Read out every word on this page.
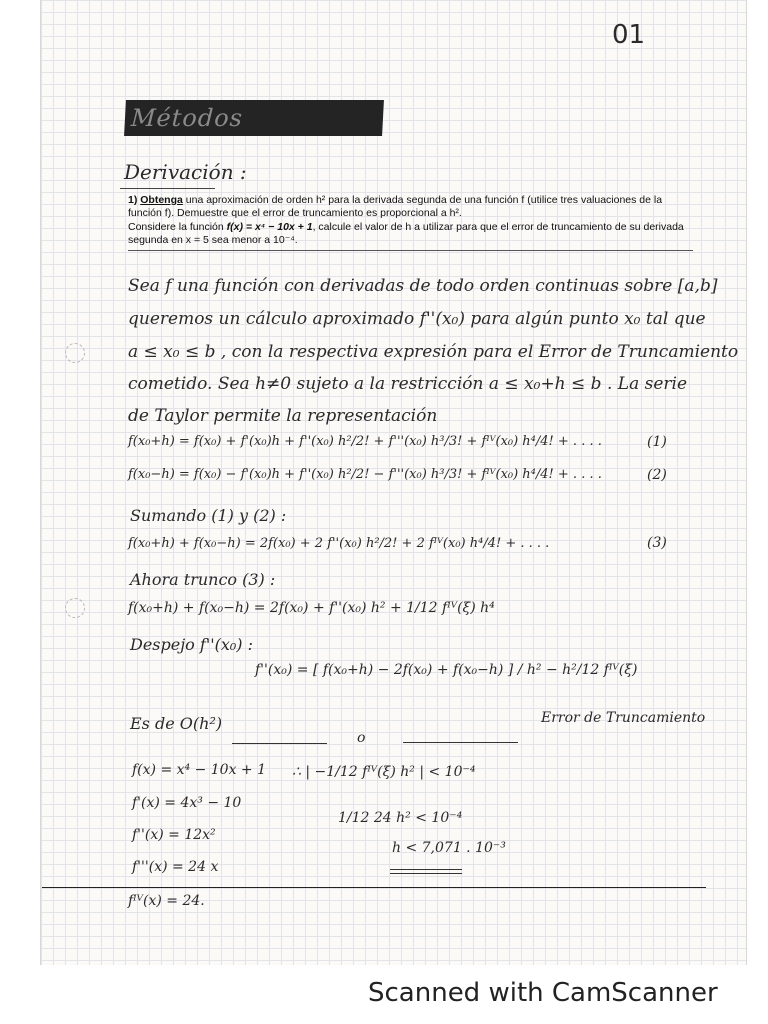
01
Métodos
Derivación :

1) Obtenga una aproximación de orden h² para la derivada segunda de una función f (utilice tres valuaciones de la función f). Demuestre que el error de truncamiento es proporcional a h².

Considere la función f(x) = x⁴ − 10x + 1, calcule el valor de h a utilizar para que el error de truncamiento de su derivada segunda en x = 5 sea menor a 10⁻⁴.

Sea f una función con derivadas de todo orden continuas sobre [a,b]
queremos un cálculo aproximado f''(x₀) para algún punto x₀ tal que
a ≤ x₀ ≤ b , con la respectiva expresión para el Error de Truncamiento
cometido. Sea h≠0 sujeto a la restricción a ≤ x₀+h ≤ b . La serie
de Taylor permite la representación
f(x₀+h) = f(x₀) + f'(x₀)h + f''(x₀) h²/2! + f'''(x₀) h³/3! + fᴵⱽ(x₀) h⁴/4! + . . . .	(1)
f(x₀−h) = f(x₀) − f'(x₀)h + f''(x₀) h²/2! − f'''(x₀) h³/3! + fᴵⱽ(x₀) h⁴/4! + . . . .	(2)
Sumando (1) y (2) :
f(x₀+h) + f(x₀−h) = 2f(x₀) + 2 f''(x₀) h²/2! + 2 fᴵⱽ(x₀) h⁴/4! + . . . .	(3)
Ahora trunco (3) :
f(x₀+h) + f(x₀−h) = 2f(x₀) + f''(x₀) h² + 1/12 fᴵⱽ(ξ) h⁴
Despejo f''(x₀) :
f''(x₀) = [ f(x₀+h) − 2f(x₀) + f(x₀−h) ] / h² − h²/12 fᴵⱽ(ξ)
Error de Truncamiento
Es de O(h²)
o
f(x) = x⁴ − 10x + 1
f'(x) = 4x³ − 10
f''(x) = 12x²
f'''(x) = 24 x
fᴵⱽ(x) = 24.
∴ | −1/12 fᴵⱽ(ξ) h² | < 10⁻⁴
1/12 24 h² < 10⁻⁴
h < 7,071 . 10⁻³
Scanned with CamScanner
